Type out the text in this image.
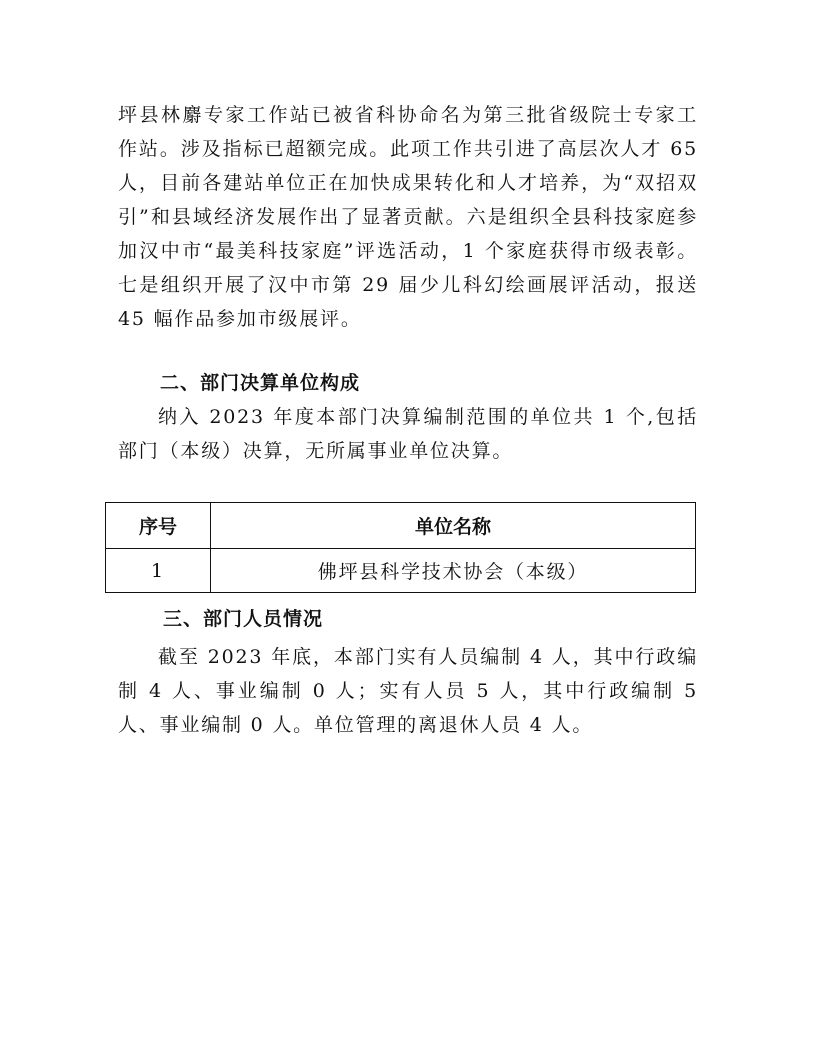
坪县林麝专家工作站已被省科协命名为第三批省级院士专家工作站。涉及指标已超额完成。此项工作共引进了高层次人才 65 人，目前各建站单位正在加快成果转化和人才培养，为“双招双引”和县域经济发展作出了显著贡献。六是组织全县科技家庭参加汉中市“最美科技家庭”评选活动，1 个家庭获得市级表彰。七是组织开展了汉中市第 29 届少儿科幻绘画展评活动，报送 45 幅作品参加市级展评。

二、部门决算单位构成

纳入 2023 年度本部门决算编制范围的单位共 1 个,包括部门（本级）决算，无所属事业单位决算。

序号	单位名称
1	佛坪县科学技术协会（本级）

三、部门人员情况

截至 2023 年底，本部门实有人员编制 4 人，其中行政编制 4 人、事业编制 0 人；实有人员 5 人，其中行政编制 5 人、事业编制 0 人。单位管理的离退休人员 4 人。
